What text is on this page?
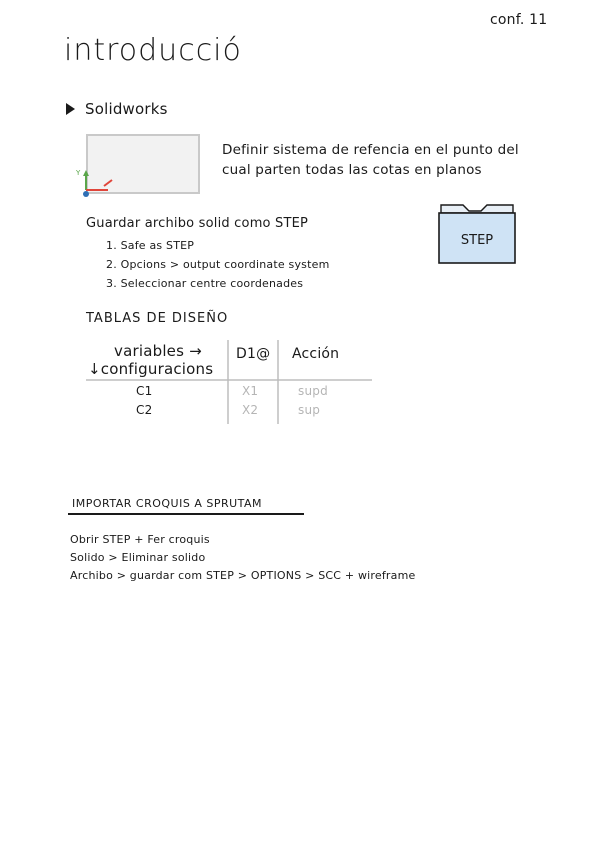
conf. 11
introducció
Solidworks
Y
Definir sistema de refencia en el punto del cual parten todas las cotas en planos
STEP
Guardar archibo solid como STEP
1. Safe as STEP
2. Opcions > output coordinate system
3. Seleccionar centre coordenades
TABLAS DE DISEÑO
variables →
↓configuracions
D1@ Acción
C1
C2
X1
X2
supd
sup
IMPORTAR CROQUIS A SPRUTAM
Obrir STEP + Fer croquis
Solido > Eliminar solido
Archibo > guardar com STEP > OPTIONS > SCC + wireframe
